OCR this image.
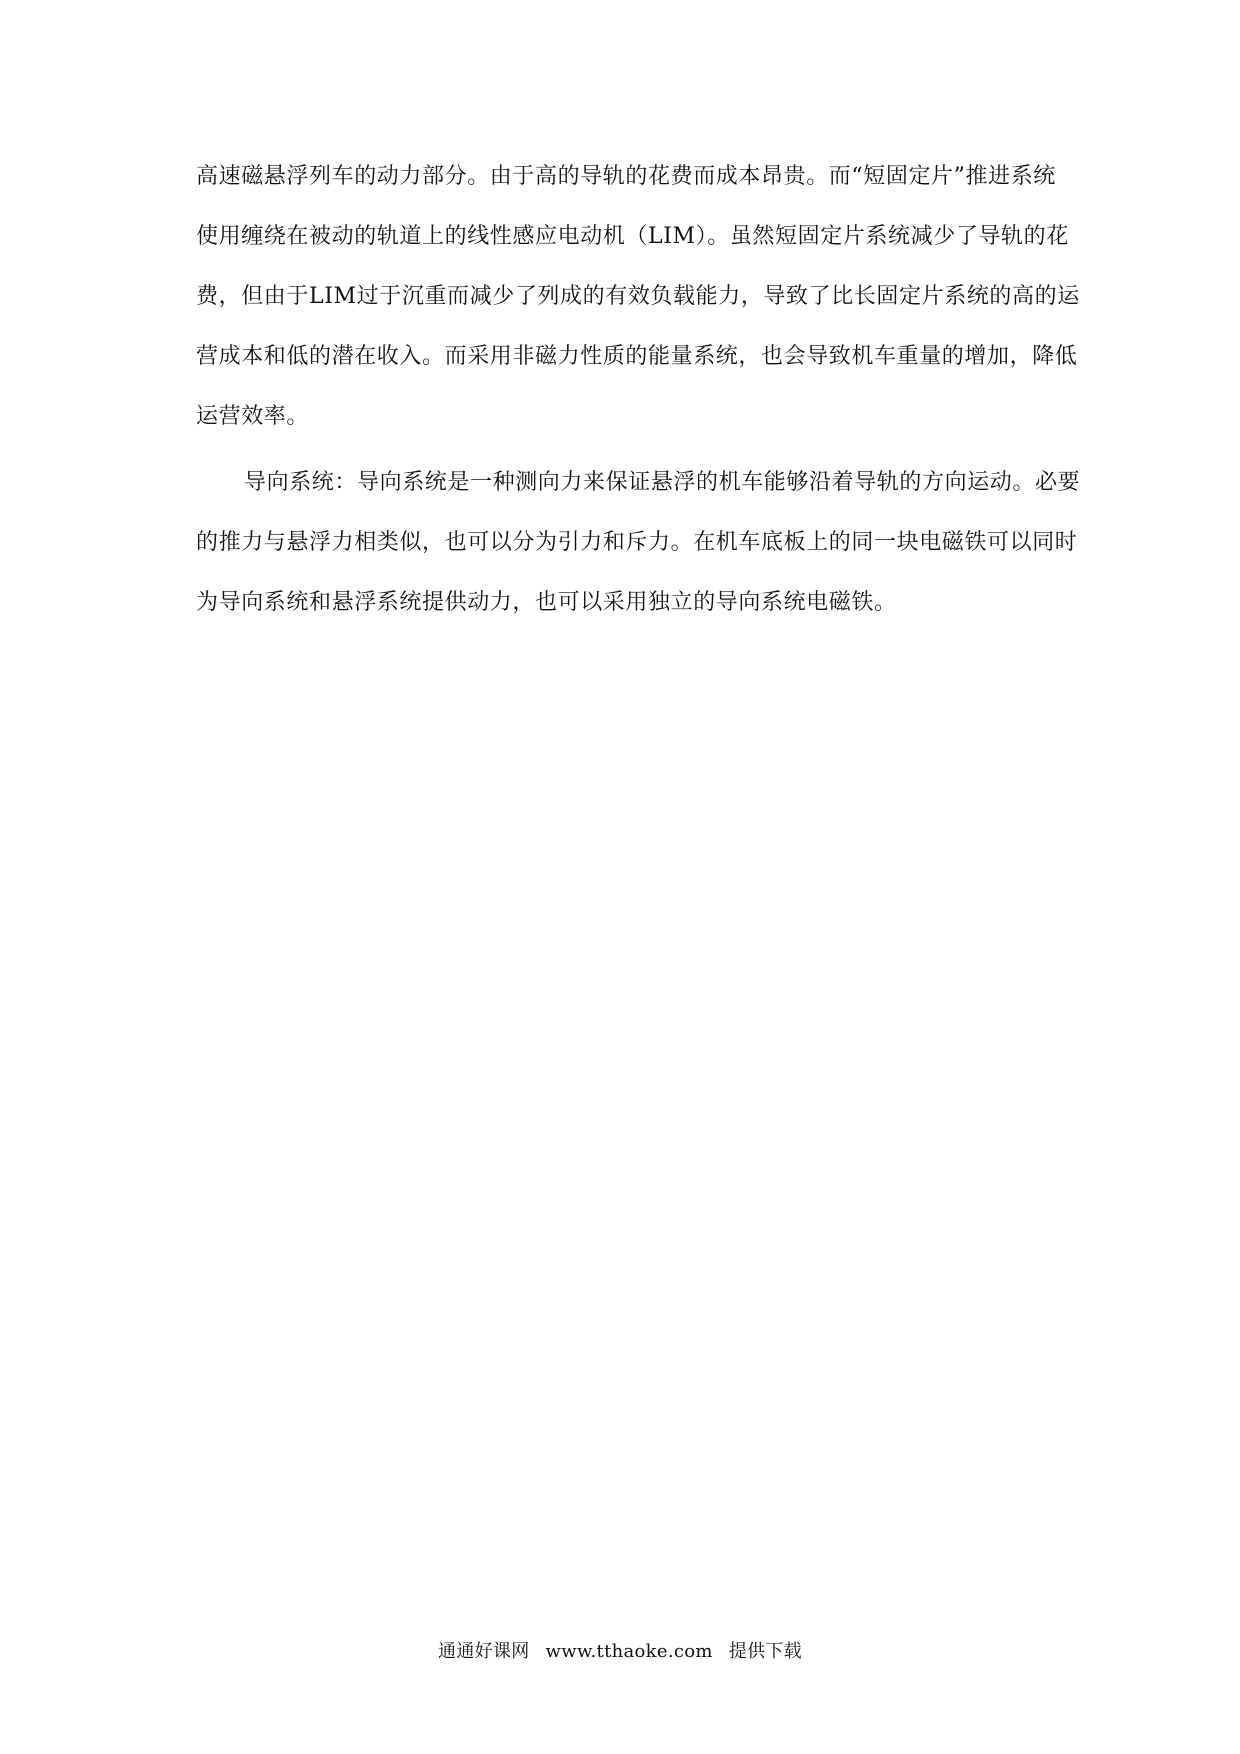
高速磁悬浮列车的动力部分。由于高的导轨的花费而成本昂贵。而“短固定片”推进系统
使用缠绕在被动的轨道上的线性感应电动机（LIM）。虽然短固定片系统减少了导轨的花
费，但由于LIM过于沉重而减少了列成的有效负载能力，导致了比长固定片系统的高的运
营成本和低的潜在收入。而采用非磁力性质的能量系统，也会导致机车重量的增加，降低
运营效率。
导向系统：导向系统是一种测向力来保证悬浮的机车能够沿着导轨的方向运动。必要
的推力与悬浮力相类似，也可以分为引力和斥力。在机车底板上的同一块电磁铁可以同时
为导向系统和悬浮系统提供动力，也可以采用独立的导向系统电磁铁。
通通好课网 www.tthaoke.com 提供下载
